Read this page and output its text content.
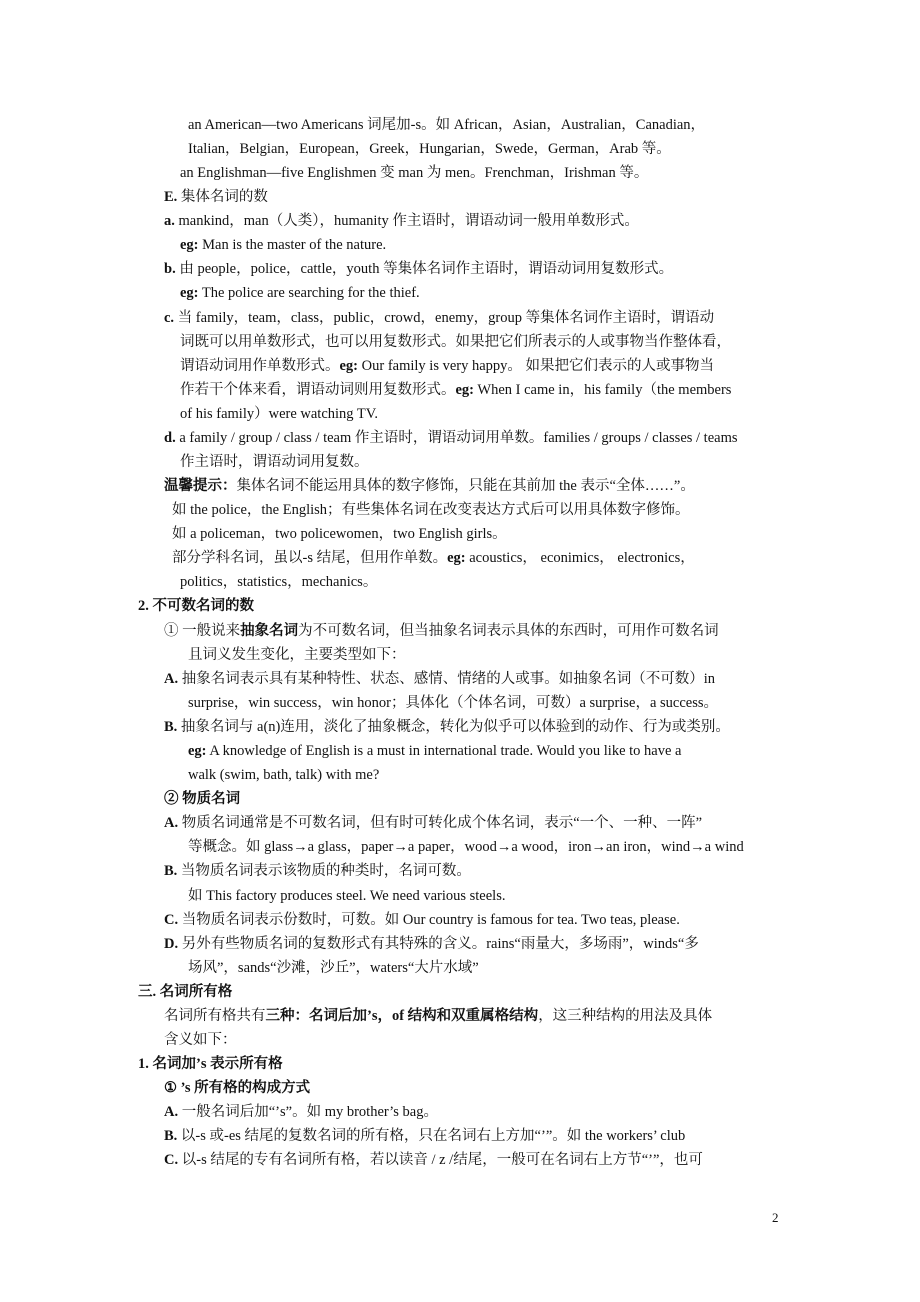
an American—two Americans 词尾加-s。如 African，Asian，Australian，Canadian，
Italian，Belgian，European，Greek，Hungarian，Swede，German，Arab 等。
an Englishman—five Englishmen 变 man 为 men。Frenchman，Irishman 等。
E. 集体名词的数
a. mankind，man（人类），humanity 作主语时，谓语动词一般用单数形式。
eg: Man is the master of the nature.
b. 由 people，police，cattle，youth 等集体名词作主语时，谓语动词用复数形式。
eg: The police are searching for the thief.
c. 当 family，team，class，public，crowd，enemy，group 等集体名词作主语时，谓语动
词既可以用单数形式，也可以用复数形式。如果把它们所表示的人或事物当作整体看，
谓语动词用作单数形式。eg: Our family is very happy。 如果把它们表示的人或事物当
作若干个体来看，谓语动词则用复数形式。eg: When I came in，his family（the members
of his family）were watching TV.
d. a family / group / class / team 作主语时，谓语动词用单数。families / groups / classes / teams
作主语时，谓语动词用复数。
温馨提示：集体名词不能运用具体的数字修饰，只能在其前加 the 表示“全体……”。
如 the police，the English；有些集体名词在改变表达方式后可以用具体数字修饰。
如 a policeman，two policewomen，two English girls。
部分学科名词，虽以-s 结尾，但用作单数。eg: acoustics， econimics， electronics，
politics，statistics，mechanics。
2. 不可数名词的数
① 一般说来抽象名词为不可数名词，但当抽象名词表示具体的东西时，可用作可数名词
且词义发生变化，主要类型如下：
A. 抽象名词表示具有某种特性、状态、感情、情绪的人或事。如抽象名词（不可数）in
surprise，win success，win honor；具体化（个体名词，可数）a surprise，a success。
B. 抽象名词与 a(n)连用，淡化了抽象概念，转化为似乎可以体验到的动作、行为或类别。
eg: A knowledge of English is a must in international trade. Would you like to have a
walk (swim, bath, talk) with me?
② 物质名词
A. 物质名词通常是不可数名词，但有时可转化成个体名词，表示“一个、一种、一阵”
等概念。如 glass→a glass，paper→a paper，wood→a wood，iron→an iron，wind→a wind
B. 当物质名词表示该物质的种类时，名词可数。
如 This factory produces steel. We need various steels.
C. 当物质名词表示份数时，可数。如 Our country is famous for tea. Two teas, please.
D. 另外有些物质名词的复数形式有其特殊的含义。rains“雨量大，多场雨”，winds“多
场风”，sands“沙滩，沙丘”，waters“大片水域”
三. 名词所有格
名词所有格共有三种：名词后加’s，of 结构和双重属格结构，这三种结构的用法及具体
含义如下：
1. 名词加’s 表示所有格
① ’s 所有格的构成方式
A. 一般名词后加“’s”。如 my brother’s bag。
B. 以-s 或-es 结尾的复数名词的所有格，只在名词右上方加“’”。如 the workers’ club
C. 以-s 结尾的专有名词所有格，若以读音 / z /结尾，一般可在名词右上方节“’”，也可
2
